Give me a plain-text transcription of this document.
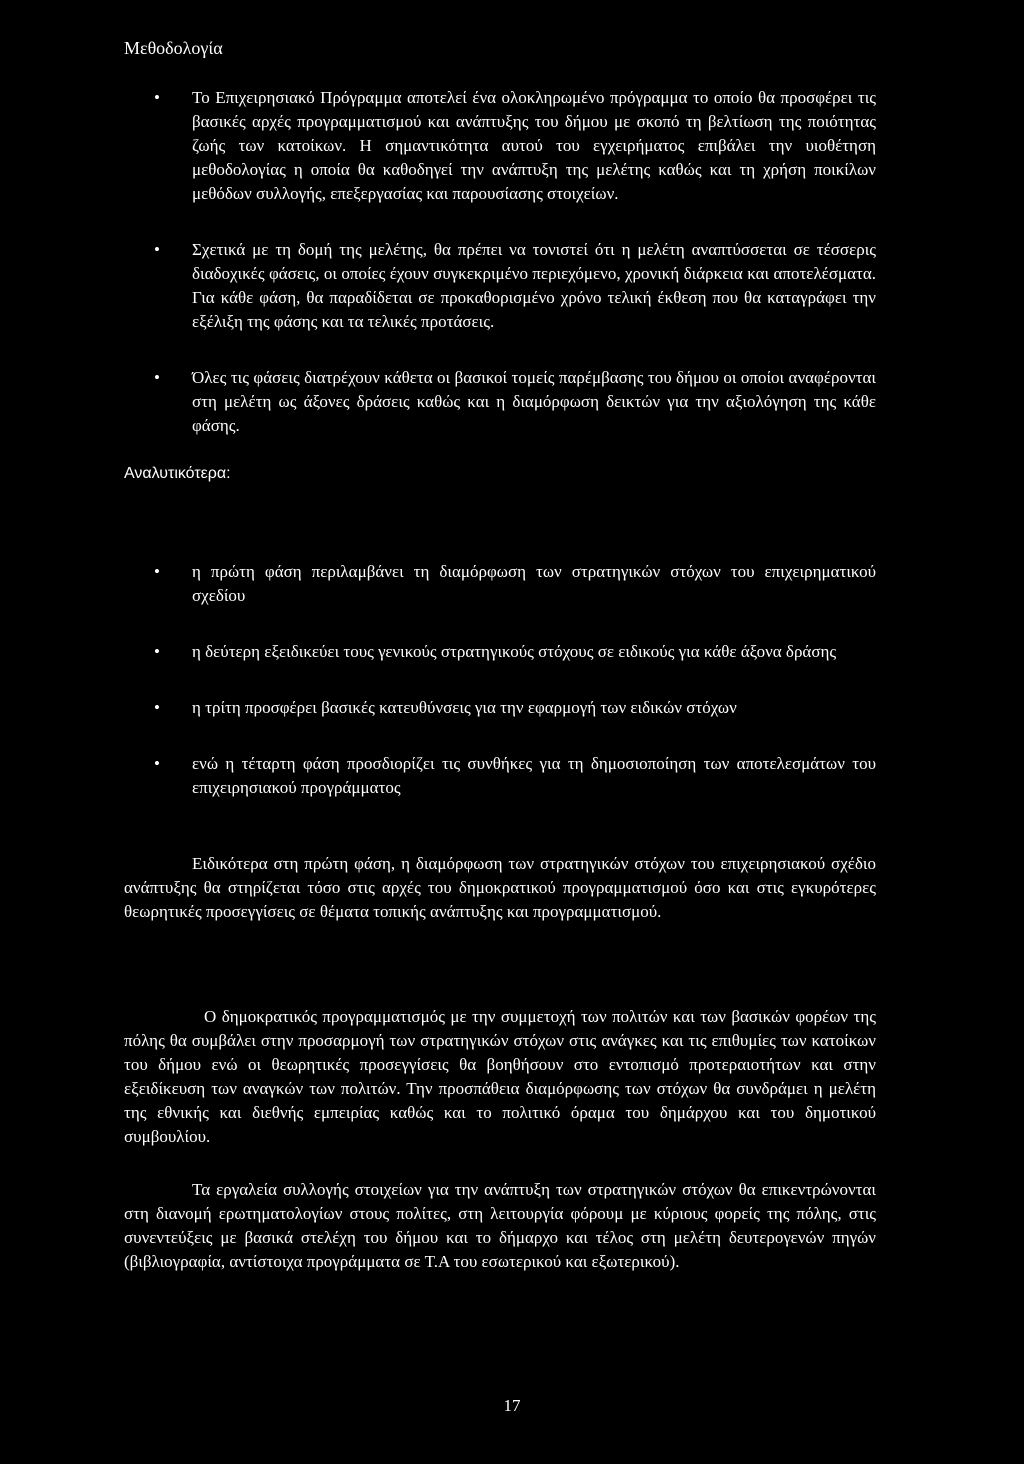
Μεθοδολογία
• Το Επιχειρησιακό Πρόγραμμα αποτελεί ένα ολοκληρωμένο πρόγραμμα το οποίο θα προσφέρει τις βασικές αρχές προγραμματισμού και ανάπτυξης του δήμου με σκοπό τη βελτίωση της ποιότητας ζωής των κατοίκων. Η σημαντικότητα αυτού του εγχειρήματος επιβάλει την υιοθέτηση μεθοδολογίας η οποία θα καθοδηγεί την ανάπτυξη της μελέτης καθώς και τη χρήση ποικίλων μεθόδων συλλογής, επεξεργασίας και παρουσίασης στοιχείων.
• Σχετικά με τη δομή της μελέτης, θα πρέπει να τονιστεί ότι η μελέτη αναπτύσσεται σε τέσσερις διαδοχικές φάσεις, οι οποίες έχουν συγκεκριμένο περιεχόμενο, χρονική διάρκεια και αποτελέσματα. Για κάθε φάση, θα παραδίδεται σε προκαθορισμένο χρόνο τελική έκθεση που θα καταγράφει την εξέλιξη της φάσης και τα τελικές προτάσεις.
• Όλες τις φάσεις διατρέχουν κάθετα οι βασικοί τομείς παρέμβασης του δήμου οι οποίοι αναφέρονται στη μελέτη ως άξονες δράσεις καθώς και η διαμόρφωση δεικτών για την αξιολόγηση της κάθε φάσης.

Αναλυτικότερα:

• η πρώτη φάση περιλαμβάνει τη διαμόρφωση των στρατηγικών στόχων του επιχειρηματικού σχεδίου
• η δεύτερη εξειδικεύει τους γενικούς στρατηγικούς στόχους σε ειδικούς για κάθε άξονα δράσης
• η τρίτη προσφέρει βασικές κατευθύνσεις για την εφαρμογή των ειδικών στόχων
• ενώ η τέταρτη φάση προσδιορίζει τις συνθήκες για τη δημοσιοποίηση των αποτελεσμάτων του επιχειρησιακού προγράμματος

Ειδικότερα στη πρώτη φάση, η διαμόρφωση των στρατηγικών στόχων του επιχειρησιακού σχέδιο ανάπτυξης θα στηρίζεται τόσο στις αρχές του δημοκρατικού προγραμματισμού όσο και στις εγκυρότερες θεωρητικές προσεγγίσεις σε θέματα τοπικής ανάπτυξης και προγραμματισμού.

Ο δημοκρατικός προγραμματισμός με την συμμετοχή των πολιτών και των βασικών φορέων της πόλης θα συμβάλει στην προσαρμογή των στρατηγικών στόχων στις ανάγκες και τις επιθυμίες των κατοίκων του δήμου ενώ οι θεωρητικές προσεγγίσεις θα βοηθήσουν στο εντοπισμό προτεραιοτήτων και στην εξειδίκευση των αναγκών των πολιτών. Την προσπάθεια διαμόρφωσης των στόχων θα συνδράμει η μελέτη της εθνικής και διεθνής εμπειρίας καθώς και το πολιτικό όραμα του δημάρχου και του δημοτικού συμβουλίου.

Τα εργαλεία συλλογής στοιχείων για την ανάπτυξη των στρατηγικών στόχων θα επικεντρώνονται στη διανομή ερωτηματολογίων στους πολίτες, στη λειτουργία φόρουμ με κύριους φορείς της πόλης, στις συνεντεύξεις με βασικά στελέχη του δήμου και το δήμαρχο και τέλος στη μελέτη δευτερογενών πηγών (βιβλιογραφία, αντίστοιχα προγράμματα σε Τ.Α του εσωτερικού και εξωτερικού).

17
